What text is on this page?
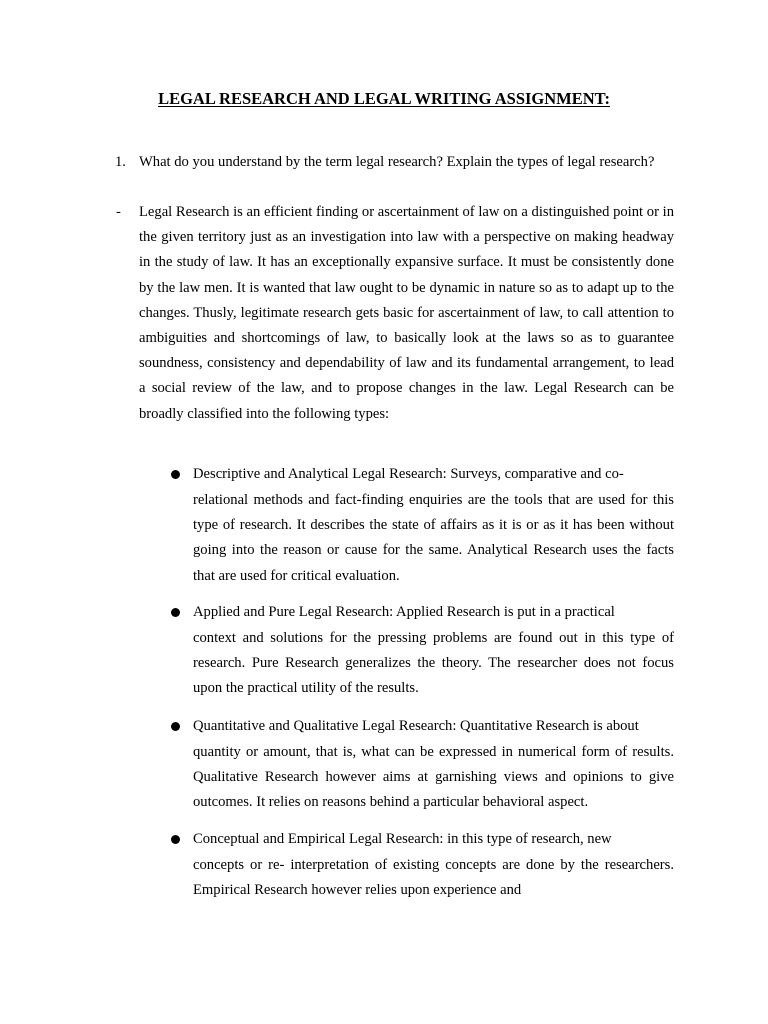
LEGAL RESEARCH AND LEGAL WRITING ASSIGNMENT:
1. What do you understand by the term legal research? Explain the types of legal research?
- Legal Research is an efficient finding or ascertainment of law on a distinguished point or in the given territory just as an investigation into law with a perspective on making headway in the study of law. It has an exceptionally expansive surface. It must be consistently done by the law men. It is wanted that law ought to be dynamic in nature so as to adapt up to the changes. Thusly, legitimate research gets basic for ascertainment of law, to call attention to ambiguities and shortcomings of law, to basically look at the laws so as to guarantee soundness, consistency and dependability of law and its fundamental arrangement, to lead a social review of the law, and to propose changes in the law. Legal Research can be broadly classified into the following types:
Descriptive and Analytical Legal Research: Surveys, comparative and co-
relational methods and fact-finding enquiries are the tools that are used for this type of research. It describes the state of affairs as it is or as it has been without going into the reason or cause for the same. Analytical Research uses the facts that are used for critical evaluation.
Applied and Pure Legal Research: Applied Research is put in a practical
context and solutions for the pressing problems are found out in this type of research. Pure Research generalizes the theory. The researcher does not focus upon the practical utility of the results.
Quantitative and Qualitative Legal Research: Quantitative Research is about
quantity or amount, that is, what can be expressed in numerical form of results. Qualitative Research however aims at garnishing views and opinions to give outcomes. It relies on reasons behind a particular behavioral aspect.
Conceptual and Empirical Legal Research: in this type of research, new
concepts or re- interpretation of existing concepts are done by the researchers. Empirical Research however relies upon experience and
